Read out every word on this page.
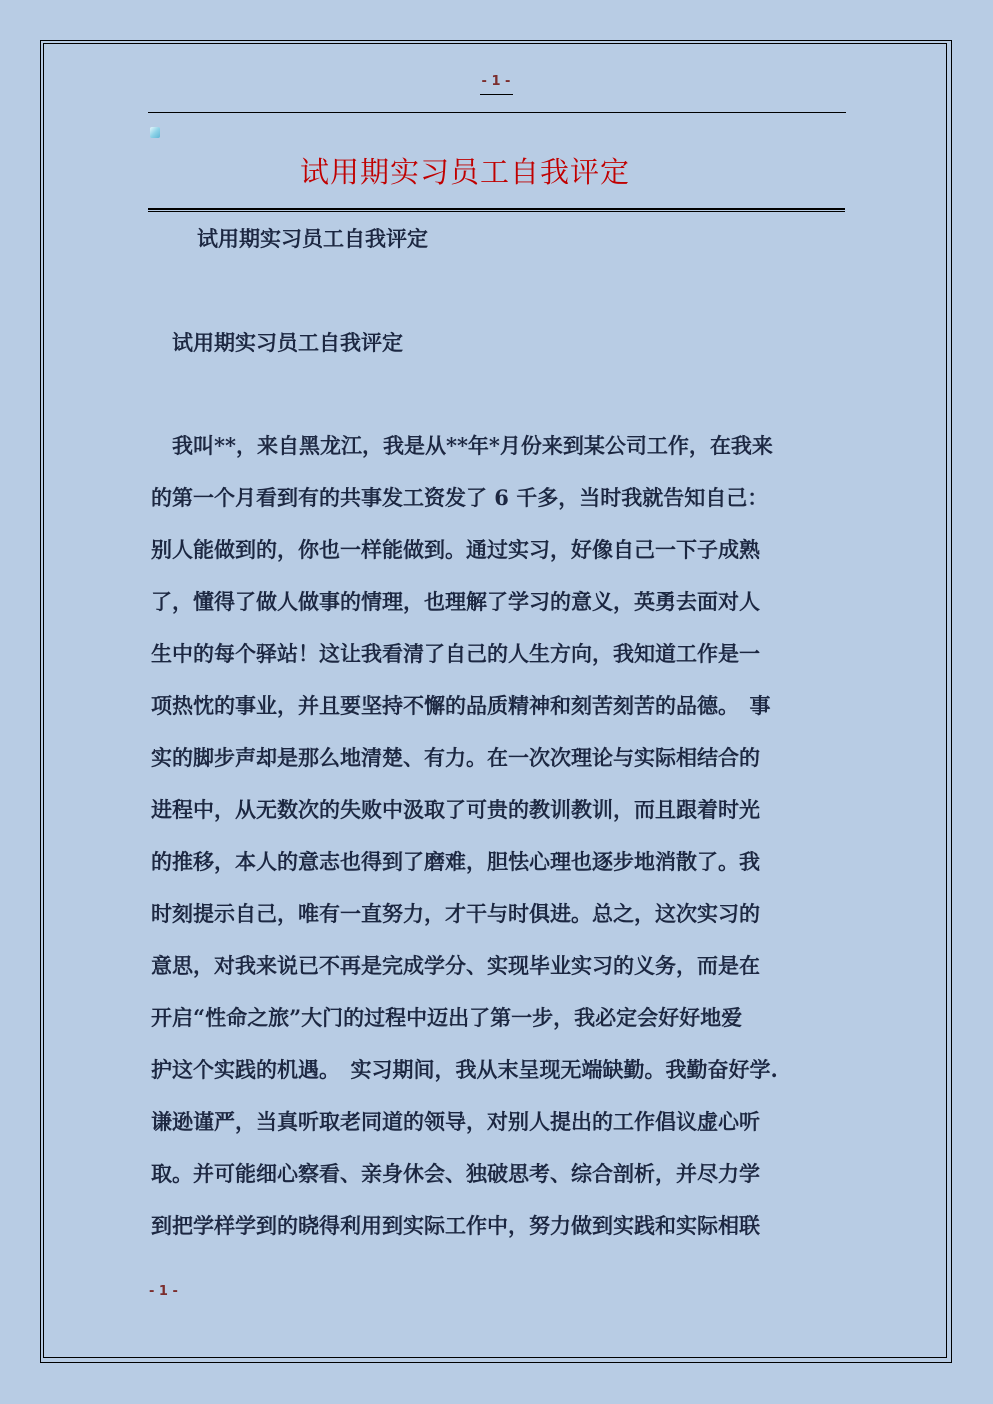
- 1 -
试用期实习员工自我评定
试用期实习员工自我评定
试用期实习员工自我评定
　我叫**，来自黑龙江，我是从**年*月份来到某公司工作，在我来
的第一个月看到有的共事发工资发了 6 千多，当时我就告知自己：
别人能做到的，你也一样能做到。通过实习，好像自己一下子成熟
了，懂得了做人做事的情理，也理解了学习的意义，英勇去面对人
生中的每个驿站！这让我看清了自己的人生方向，我知道工作是一
项热忱的事业，并且要坚持不懈的品质精神和刻苦刻苦的品德。　事
实的脚步声却是那么地清楚、有力。在一次次理论与实际相结合的
进程中，从无数次的失败中汲取了可贵的教训教训，而且跟着时光
的推移，本人的意志也得到了磨难，胆怯心理也逐步地消散了。我
时刻提示自己，唯有一直努力，才干与时俱进。总之，这次实习的
意思，对我来说已不再是完成学分、实现毕业实习的义务，而是在
开启“性命之旅”大门的过程中迈出了第一步，我必定会好好地爱
护这个实践的机遇。　实习期间，我从末呈现无端缺勤。我勤奋好学.
谦逊谨严，当真听取老同道的领导，对别人提出的工作倡议虚心听
取。并可能细心察看、亲身休会、独破思考、综合剖析，并尽力学
到把学样学到的晓得利用到实际工作中，努力做到实践和实际相联
- 1 -
